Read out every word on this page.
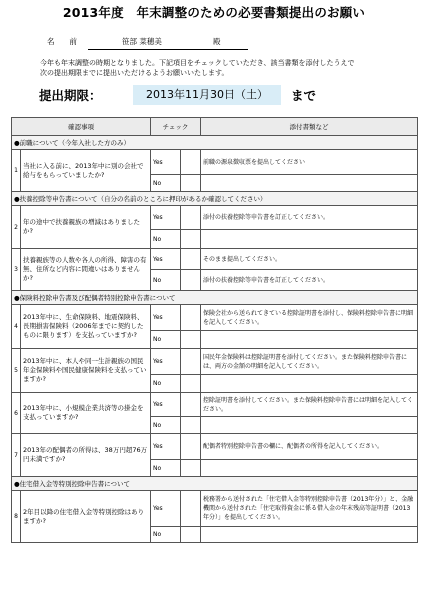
2013年度　年末調整のための必要書類提出のお願い
名　　前	笹部 菜穂美	殿
今年も年末調整の時期となりました。下記項目をチェックしていただき、該当書類を添付したうえで
次の提出期限までに提出いただけるようお願いいたします。
提出期限：	2013年11月30日（土）	まで
確認事項		チェック		添付書類など
●前職について（今年入社した方のみ）				
1	当社に入る前に、2013年中に別の会社で給与をもらっていましたか?	Yes		前職の源泉徴収票を提出してください
		No		
●扶養控除等申告書について（自分の名前のところに押印があるか確認してください）				
2	年の途中で扶養親族の増減はありましたか?	Yes		添付の扶養控除等申告書を訂正してください。
		No		
3	扶養親族等の人数や各人の所得、障害の有無、住所など内容に間違いはありませんか?	Yes		そのまま提出してください。
		No		添付の扶養控除等申告書を訂正してください。
●保険料控除申告書及び配偶者特別控除申告書について				
4	2013年中に、生命保険料、地震保険料、長期損害保険料（2006年までに契約したものに限ります）を支払っていますか?	Yes		保険会社から送られてきている控除証明書を添付し、保険料控除申告書に明細を記入してください。
		No		
5	2013年中に、本人や同一生計親族の国民年金保険料や国民健康保険料を支払っていますか?	Yes		国民年金保険料は控除証明書を添付してください。また保険料控除申告書には、両方の金額の明細を記入してください。
		No		
6	2013年中に、小規模企業共済等の掛金を支払っていますか?	Yes		控除証明書を添付してください。また保険料控除申告書には明細を記入してください。
		No		
7	2013年の配偶者の所得は、38万円超76万円未満ですか?	Yes		配偶者特別控除申告書の欄に、配偶者の所得を記入してください。
		No		
●住宅借入金等特別控除申告書について				
8	2年目以降の住宅借入金等特別控除はありますか?	Yes		税務署から送付された「住宅借入金等特別控除申告書（2013年分）」と、金融機関から送付された「住宅取得資金に係る借入金の年末残高等証明書（2013年分）」を提出してください。
		No		
